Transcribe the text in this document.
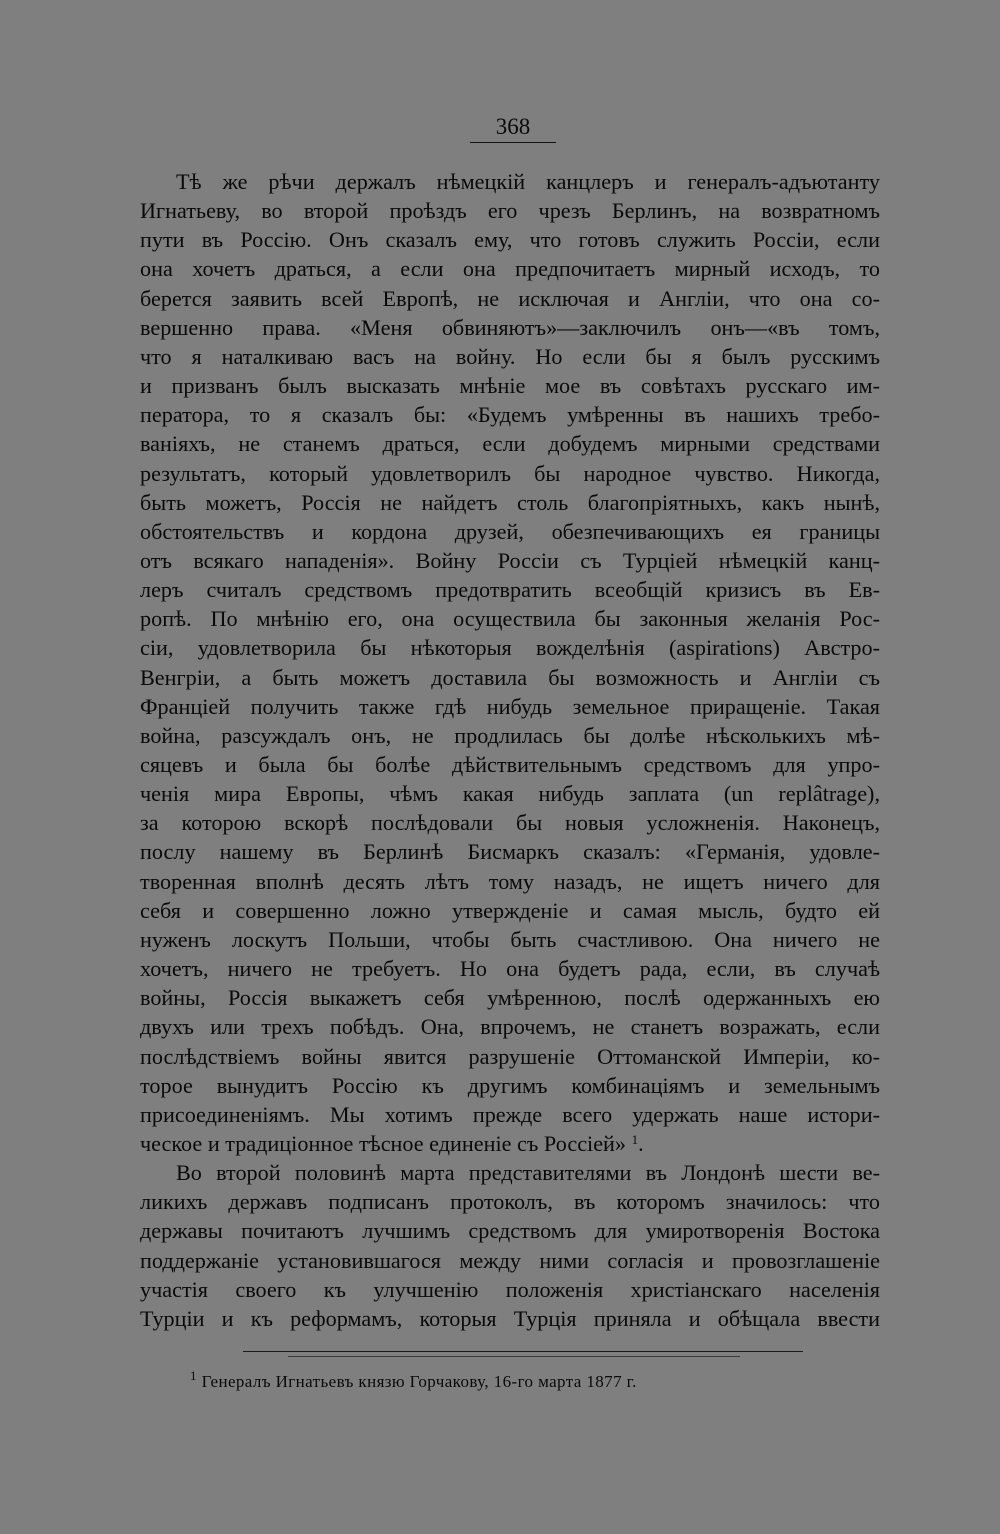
368
Тѣ же рѣчи держалъ нѣмецкій канцлеръ и генералъ-адъютанту
Игнатьеву, во второй проѣздъ его чрезъ Берлинъ, на возвратномъ
пути въ Россію. Онъ сказалъ ему, что готовъ служить Россіи, если
она хочетъ драться, а если она предпочитаетъ мирный исходъ, то
берется заявить всей Европѣ, не исключая и Англіи, что она со-
вершенно права. «Меня обвиняютъ»—заключилъ онъ—«въ томъ,
что я наталкиваю васъ на войну. Но если бы я былъ русскимъ
и призванъ былъ высказать мнѣніе мое въ совѣтахъ русскаго им-
ператора, то я сказалъ бы: «Будемъ умѣренны въ нашихъ требо-
ваніяхъ, не станемъ драться, если добудемъ мирными средствами
результатъ, который удовлетворилъ бы народное чувство. Никогда,
быть можетъ, Россія не найдетъ столь благопріятныхъ, какъ нынѣ,
обстоятельствъ и кордона друзей, обезпечивающихъ ея границы
отъ всякаго нападенія». Войну Россіи съ Турціей нѣмецкій канц-
леръ считалъ средствомъ предотвратить всеобщій кризисъ въ Ев-
ропѣ. По мнѣнію его, она осуществила бы законныя желанія Рос-
сіи, удовлетворила бы нѣкоторыя вожделѣнія (aspirations) Австро-
Венгріи, а быть можетъ доставила бы возможность и Англіи съ
Франціей получить также гдѣ нибудь земельное приращеніе. Такая
война, разсуждалъ онъ, не продлилась бы долѣе нѣсколькихъ мѣ-
сяцевъ и была бы болѣе дѣйствительнымъ средствомъ для упро-
ченія мира Европы, чѣмъ какая нибудь заплата (un replâtrage),
за которою вскорѣ послѣдовали бы новыя усложненія. Наконецъ,
послу нашему въ Берлинѣ Бисмаркъ сказалъ: «Германія, удовле-
творенная вполнѣ десять лѣтъ тому назадъ, не ищетъ ничего для
себя и совершенно ложно утвержденіе и самая мысль, будто ей
нуженъ лоскутъ Польши, чтобы быть счастливою. Она ничего не
хочетъ, ничего не требуетъ. Но она будетъ рада, если, въ случаѣ
войны, Россія выкажетъ себя умѣренною, послѣ одержанныхъ ею
двухъ или трехъ побѣдъ. Она, впрочемъ, не станетъ возражать, если
послѣдствіемъ войны явится разрушеніе Оттоманской Имперіи, ко-
торое вынудитъ Россію къ другимъ комбинаціямъ и земельнымъ
присоединеніямъ. Мы хотимъ прежде всего удержать наше истори-
ческое и традиціонное тѣсное единеніе съ Россіей» $^1$.
Во второй половинѣ марта представителями въ Лондонѣ шести ве-
ликихъ державъ подписанъ протоколъ, въ которомъ значилось: что
державы почитаютъ лучшимъ средствомъ для умиротворенія Востока
поддержаніе установившагося между ними согласія и провозглашеніе
участія своего къ улучшенію положенія христіанскаго населенія
Турціи и къ реформамъ, которыя Турція приняла и обѣщала ввести
$^1$ Генералъ Игнатьевъ князю Горчакову, 16-го марта 1877 г.
